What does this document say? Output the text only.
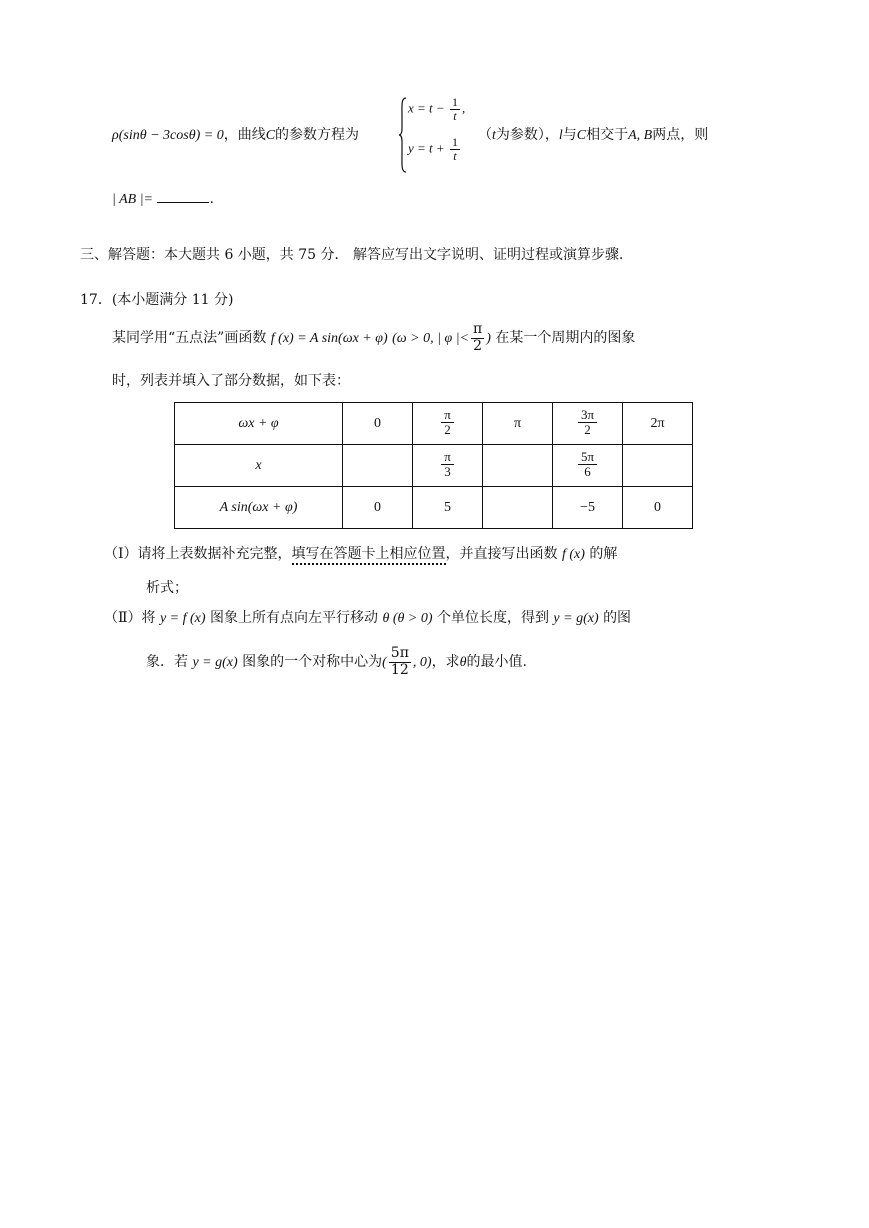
ρ(sinθ − 3cosθ) = 0，曲线C的参数方程为
$x = t - \frac{1}{t}$ ,
$y = t + \frac{1}{t}$
（t为参数），l与C相交于A, B两点，则
| AB |=	.
三、解答题：本大题共 6 小题，共 75 分． 解答应写出文字说明、证明过程或演算步骤．
17．(本小题满分 11 分)
某同学用“五点法”画函数 f (x) = A sin(ωx + φ) (ω > 0, | φ |< $\frac{\pi}{2}$ ) 在某一个周期内的图象
时，列表并填入了部分数据，如下表：
ωx + φ	0	$\frac{\pi}{2}$	π	$\frac{3\pi}{2}$	2π
x		$\frac{\pi}{3}$		$\frac{5\pi}{6}$

A sin(ωx + φ)	0	5		−5	0
（Ⅰ）请将上表数据补充完整，填写在答题卡上相应位置，并直接写出函数 f (x) 的解
析式；
（Ⅱ）将 y = f (x) 图象上所有点向左平行移动 θ (θ > 0) 个单位长度，得到 y = g(x) 的图
象．若 y = g(x) 图象的一个对称中心为( $\frac{5\pi}{12}$ , 0)，求θ的最小值.
